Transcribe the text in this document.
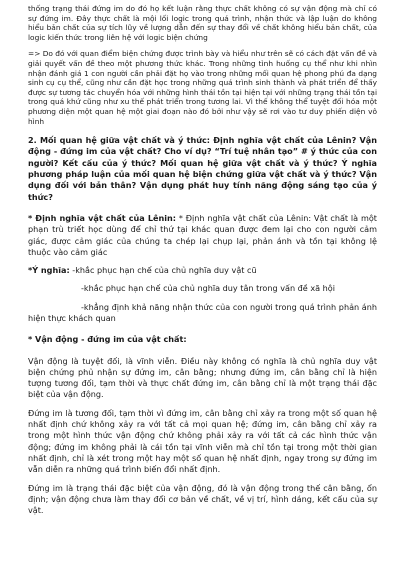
thống trạng thái đứng im do đó họ kết luận rằng thực chất không có sự vận động mà chỉ có sự đứng im. Đây thực chất là mội lối logic trong quá trình, nhận thức và lập luận do không hiểu bản chất của sự tích lũy về lượng dẫn đến sự thay đổi về chất không hiểu bản chất, của logic kiến thức trong liên hệ với logic biện chứng

=> Do đó với quan điểm biện chứng được trình bày và hiểu như trên sẽ có cách đặt vấn đề và giải quyết vấn đề theo một phương thức khác. Trong những tình huống cụ thể như khi nhìn nhận đánh giá 1 con người cần phải đặt họ vào trong những mối quan hệ phong phú đa dạng sinh cụ cụ thể, cũng như cần đặt học trong những quá trình sinh thành và phát triển để thấy được sự tương tác chuyển hóa với những hình thái tồn tại hiện tại với những trạng thái tồn tại trong quá khứ cũng như xu thế phát triển trong tương lai. Vì thế không thể tuyệt đối hóa một phương diện một quan hệ một giai đoạn nào đó bởi như vậy sẽ rơi vào tư duy phiến diện vô hình

2. Mối quan hệ giữa vật chất và ý thức: Định nghĩa vật chất của Lênin? Vận động - đứng im của vật chất? Cho ví dụ? “Trí tuệ nhân tạo” # ý thức của con người? Kết cấu của ý thức? Mối quan hệ giữa vật chất và ý thức? Ý nghĩa phương pháp luận của mối quan hệ biện chứng giữa vật chất và ý thức? Vận dụng đối với bản thân? Vận dụng phát huy tính năng động sáng tạo của ý thức?

* Định nghĩa vật chất của Lênin: * Định nghĩa vật chất của Lênin: Vật chất là một phạn trù triết học dùng để chỉ thứ tại khác quan được đem lại cho con người cảm giác, được cảm giác của chúng ta chép lại chụp lại, phản ánh và tồn tại không lệ thuộc vào cảm giác

*Ý nghĩa: -khắc phục hạn chế của chủ nghĩa duy vật cũ

-khắc phục hạn chế của chủ nghĩa duy tân trong vấn đề xã hội

-khẳng định khả năng nhận thức của con người trong quá trình phản ánh hiện thực khách quan

* Vận động - đứng im của vật chất:

Vận động là tuyệt đối, là vĩnh viễn. Điều này không có nghĩa là chủ nghĩa duy vật biện chứng phủ nhận sự đứng im, cân bằng; nhưng đứng im, cân bằng chỉ là hiện tượng tương đối, tạm thời và thực chất đứng im, cân bằng chỉ là một trạng thái đặc biệt của vận động.

Đứng im là tương đối, tạm thời vì đứng im, cân bằng chỉ xảy ra trong một số quan hệ nhất định chứ không xảy ra với tất cả mọi quan hệ; đứng im, cân bằng chỉ xảy ra trong một hình thức vận động chứ không phải xảy ra với tất cả các hình thức vận động; đứng im không phải là cái tồn tại vĩnh viễn mà chỉ tồn tại trong một thời gian nhất định, chỉ là xét trong một hay một số quan hệ nhất định, ngay trong sự đứng im vẫn diễn ra những quá trình biến đổi nhất định.

Đứng im là trạng thái đặc biệt của vận động, đó là vận động trong thế cân bằng, ổn định; vận động chưa làm thay đổi cơ bản về chất, về vị trí, hình dáng, kết cấu của sự vật.
